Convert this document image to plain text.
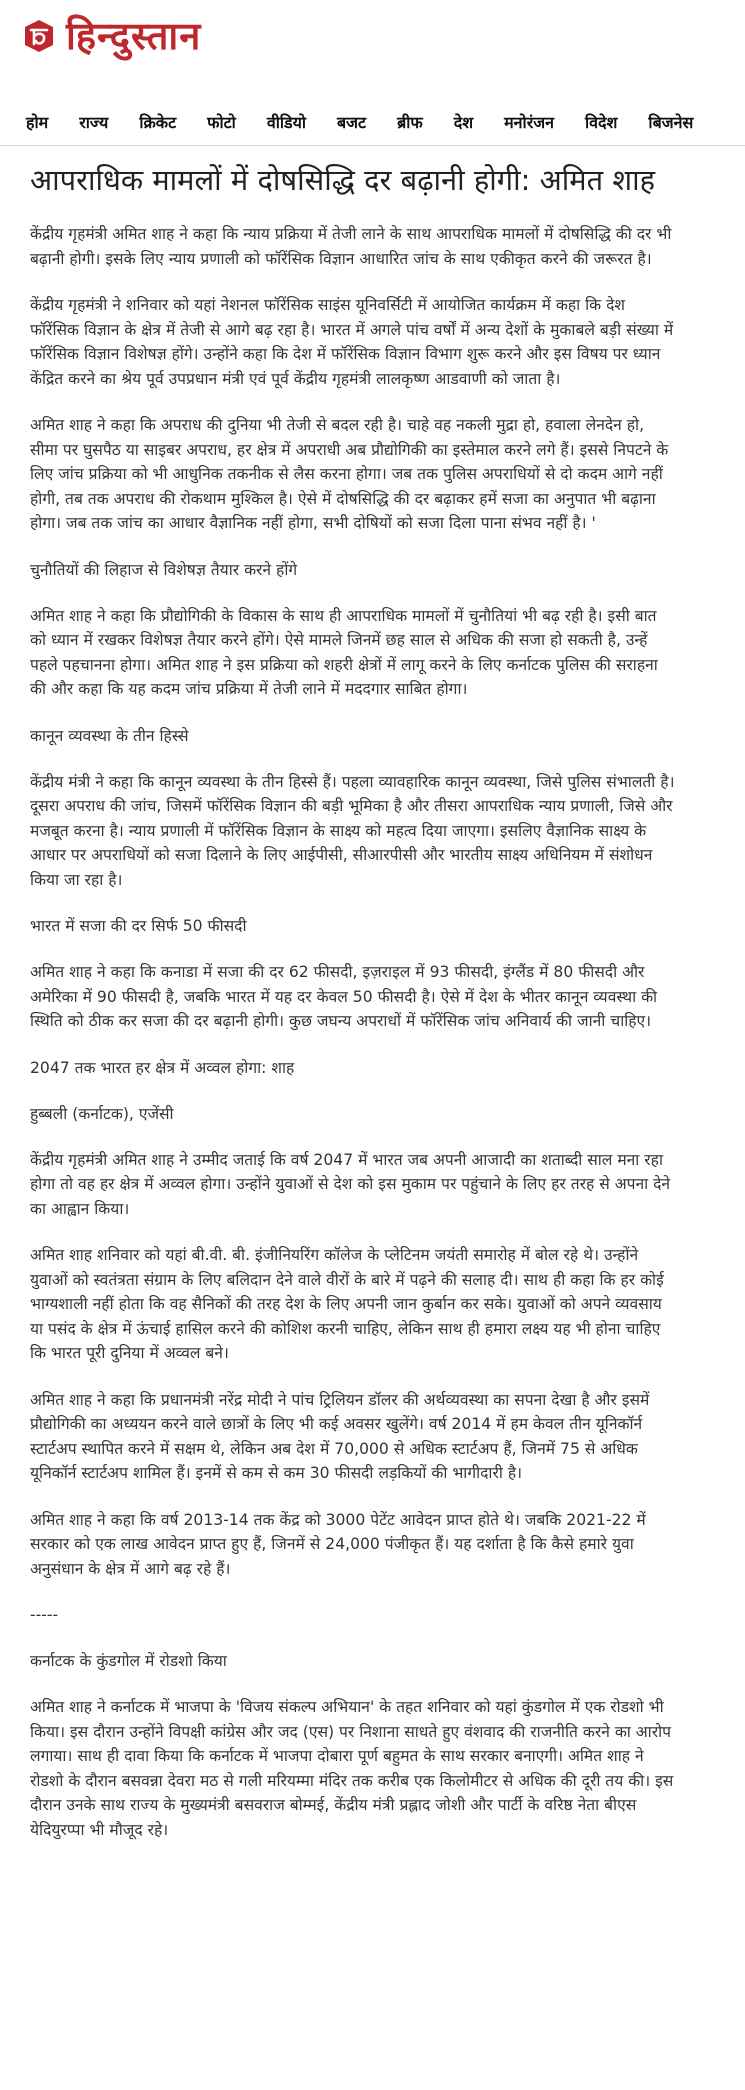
हिन्दुस्तान
होम राज्य क्रिकेट फोटो वीडियो बजट ब्रीफ देश मनोरंजन विदेश बिजनेस
आपराधिक मामलों में दोषसिद्धि दर बढ़ानी होगी: अमित शाह

केंद्रीय गृहमंत्री अमित शाह ने कहा कि न्याय प्रक्रिया में तेजी लाने के साथ आपराधिक मामलों में दोषसिद्धि की दर भी बढ़ानी होगी। इसके लिए न्याय प्रणाली को फॉरेंसिक विज्ञान आधारित जांच के साथ एकीकृत करने की जरूरत है।

केंद्रीय गृहमंत्री ने शनिवार को यहां नेशनल फॉरेंसिक साइंस यूनिवर्सिटी में आयोजित कार्यक्रम में कहा कि देश फॉरेंसिक विज्ञान के क्षेत्र में तेजी से आगे बढ़ रहा है। भारत में अगले पांच वर्षों में अन्य देशों के मुकाबले बड़ी संख्या में फॉरेंसिक विज्ञान विशेषज्ञ होंगे। उन्होंने कहा कि देश में फॉरेंसिक विज्ञान विभाग शुरू करने और इस विषय पर ध्यान केंद्रित करने का श्रेय पूर्व उपप्रधान मंत्री एवं पूर्व केंद्रीय गृहमंत्री लालकृष्ण आडवाणी को जाता है।

अमित शाह ने कहा कि अपराध की दुनिया भी तेजी से बदल रही है। चाहे वह नकली मुद्रा हो, हवाला लेनदेन हो, सीमा पर घुसपैठ या साइबर अपराध, हर क्षेत्र में अपराधी अब प्रौद्योगिकी का इस्तेमाल करने लगे हैं। इससे निपटने के लिए जांच प्रक्रिया को भी आधुनिक तकनीक से लैस करना होगा। जब तक पुलिस अपराधियों से दो कदम आगे नहीं होगी, तब तक अपराध की रोकथाम मुश्किल है। ऐसे में दोषसिद्धि की दर बढ़ाकर हमें सजा का अनुपात भी बढ़ाना होगा। जब तक जांच का आधार वैज्ञानिक नहीं होगा, सभी दोषियों को सजा दिला पाना संभव नहीं है। '

चुनौतियों की लिहाज से विशेषज्ञ तैयार करने होंगे

अमित शाह ने कहा कि प्रौद्योगिकी के विकास के साथ ही आपराधिक मामलों में चुनौतियां भी बढ़ रही है। इसी बात को ध्यान में रखकर विशेषज्ञ तैयार करने होंगे। ऐसे मामले जिनमें छह साल से अधिक की सजा हो सकती है, उन्हें पहले पहचानना होगा। अमित शाह ने इस प्रक्रिया को शहरी क्षेत्रों में लागू करने के लिए कर्नाटक पुलिस की सराहना की और कहा कि यह कदम जांच प्रक्रिया में तेजी लाने में मददगार साबित होगा।

कानून व्यवस्था के तीन हिस्से

केंद्रीय मंत्री ने कहा कि कानून व्यवस्था के तीन हिस्से हैं। पहला व्यावहारिक कानून व्यवस्था, जिसे पुलिस संभालती है। दूसरा अपराध की जांच, जिसमें फॉरेंसिक विज्ञान की बड़ी भूमिका है और तीसरा आपराधिक न्याय प्रणाली, जिसे और मजबूत करना है। न्याय प्रणाली में फॉरेंसिक विज्ञान के साक्ष्य को महत्व दिया जाएगा। इसलिए वैज्ञानिक साक्ष्य के आधार पर अपराधियों को सजा दिलाने के लिए आईपीसी, सीआरपीसी और भारतीय साक्ष्य अधिनियम में संशोधन किया जा रहा है।

भारत में सजा की दर सिर्फ 50 फीसदी

अमित शाह ने कहा कि कनाडा में सजा की दर 62 फीसदी, इज़राइल में 93 फीसदी, इंग्लैंड में 80 फीसदी और अमेरिका में 90 फीसदी है, जबकि भारत में यह दर केवल 50 फीसदी है। ऐसे में देश के भीतर कानून व्यवस्था की स्थिति को ठीक कर सजा की दर बढ़ानी होगी। कुछ जघन्य अपराधों में फॉरेंसिक जांच अनिवार्य की जानी चाहिए।

2047 तक भारत हर क्षेत्र में अव्वल होगा: शाह

हुब्बली (कर्नाटक), एजेंसी

केंद्रीय गृहमंत्री अमित शाह ने उम्मीद जताई कि वर्ष 2047 में भारत जब अपनी आजादी का शताब्दी साल मना रहा होगा तो वह हर क्षेत्र में अव्वल होगा। उन्होंने युवाओं से देश को इस मुकाम पर पहुंचाने के लिए हर तरह से अपना देने का आह्वान किया।

अमित शाह शनिवार को यहां बी.वी. बी. इंजीनियरिंग कॉलेज के प्लेटिनम जयंती समारोह में बोल रहे थे। उन्होंने युवाओं को स्वतंत्रता संग्राम के लिए बलिदान देने वाले वीरों के बारे में पढ़ने की सलाह दी। साथ ही कहा कि हर कोई भाग्यशाली नहीं होता कि वह सैनिकों की तरह देश के लिए अपनी जान कुर्बान कर सके। युवाओं को अपने व्यवसाय या पसंद के क्षेत्र में ऊंचाई हासिल करने की कोशिश करनी चाहिए, लेकिन साथ ही हमारा लक्ष्य यह भी होना चाहिए कि भारत पूरी दुनिया में अव्वल बने।

अमित शाह ने कहा कि प्रधानमंत्री नरेंद्र मोदी ने पांच ट्रिलियन डॉलर की अर्थव्यवस्था का सपना देखा है और इसमें प्रौद्योगिकी का अध्ययन करने वाले छात्रों के लिए भी कई अवसर खुलेंगे। वर्ष 2014 में हम केवल तीन यूनिकॉर्न स्टार्टअप स्थापित करने में सक्षम थे, लेकिन अब देश में 70,000 से अधिक स्टार्टअप हैं, जिनमें 75 से अधिक यूनिकॉर्न स्टार्टअप शामिल हैं। इनमें से कम से कम 30 फीसदी लड़कियों की भागीदारी है।

अमित शाह ने कहा कि वर्ष 2013-14 तक केंद्र को 3000 पेटेंट आवेदन प्राप्त होते थे। जबकि 2021-22 में सरकार को एक लाख आवेदन प्राप्त हुए हैं, जिनमें से 24,000 पंजीकृत हैं। यह दर्शाता है कि कैसे हमारे युवा अनुसंधान के क्षेत्र में आगे बढ़ रहे हैं।

-----

कर्नाटक के कुंडगोल में रोडशो किया

अमित शाह ने कर्नाटक में भाजपा के 'विजय संकल्प अभियान' के तहत शनिवार को यहां कुंडगोल में एक रोडशो भी किया। इस दौरान उन्होंने विपक्षी कांग्रेस और जद (एस) पर निशाना साधते हुए वंशवाद की राजनीति करने का आरोप लगाया। साथ ही दावा किया कि कर्नाटक में भाजपा दोबारा पूर्ण बहुमत के साथ सरकार बनाएगी। अमित शाह ने रोडशो के दौरान बसवन्ना देवरा मठ से गली मरियम्मा मंदिर तक करीब एक किलोमीटर से अधिक की दूरी तय की। इस दौरान उनके साथ राज्य के मुख्यमंत्री बसवराज बोम्मई, केंद्रीय मंत्री प्रह्लाद जोशी और पार्टी के वरिष्ठ नेता बीएस येदियुरप्पा भी मौजूद रहे।
